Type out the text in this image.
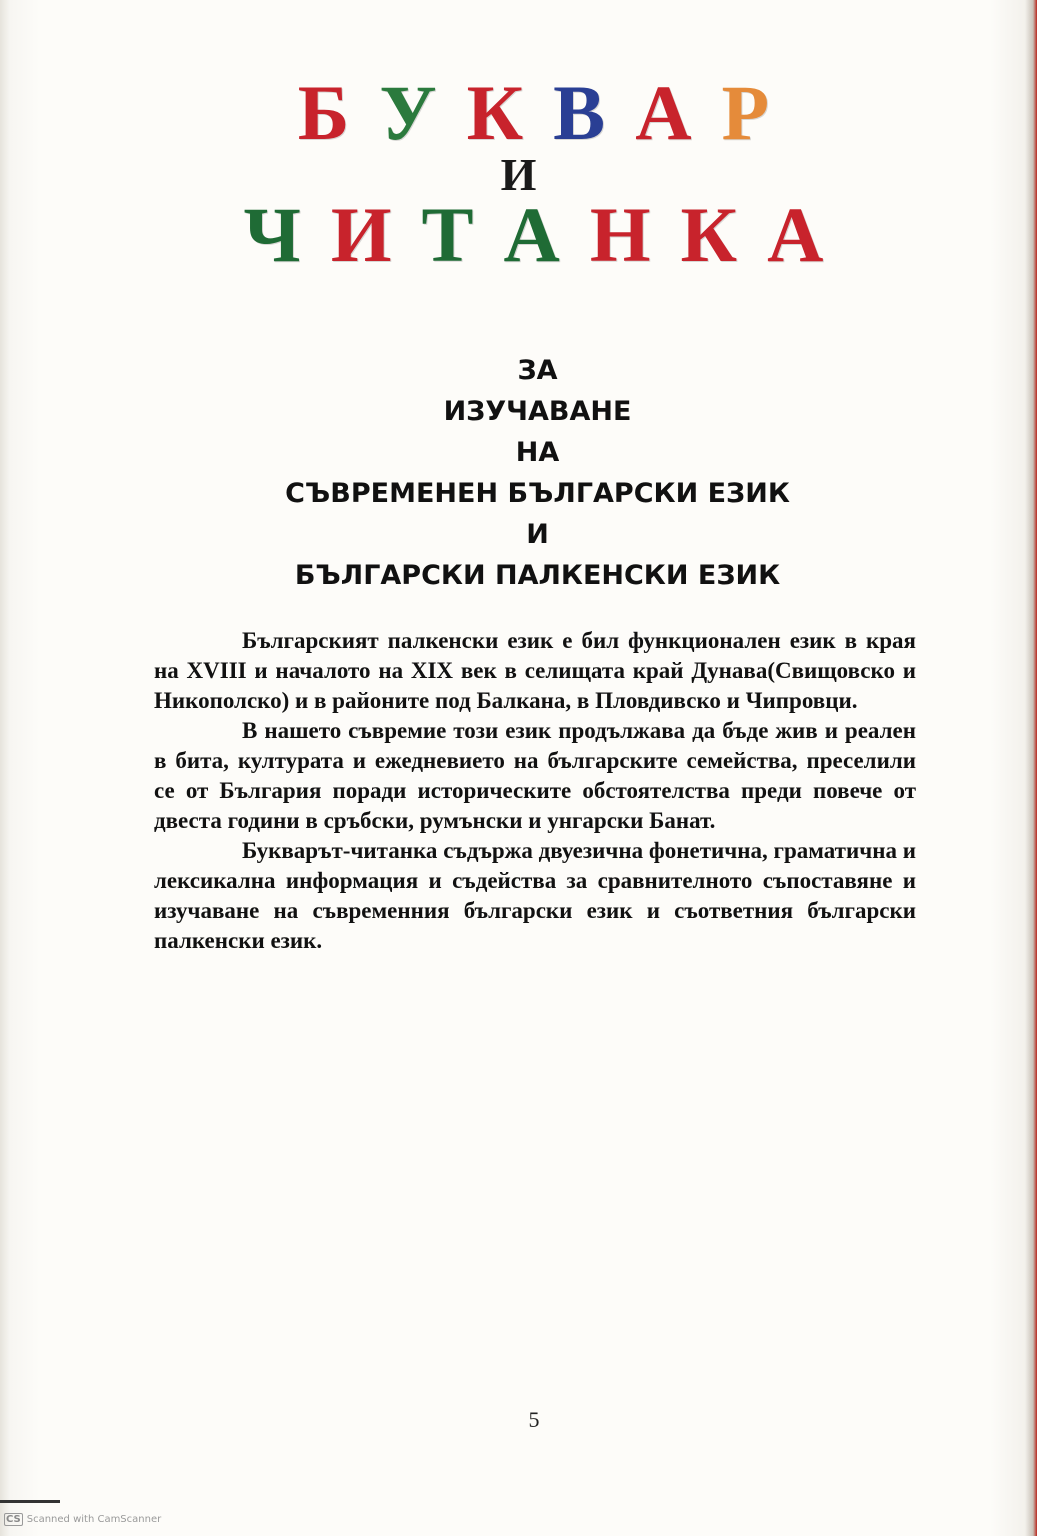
БУКВАР
И
ЧИТАНКА
ЗА
ИЗУЧАВАНЕ
НА
СЪВРЕМЕНЕН БЪЛГАРСКИ ЕЗИК
И
БЪЛГАРСКИ ПАЛКЕНСКИ ЕЗИК

Българският палкенски език е бил функционален език в края на XVIII и началото на XIX век в селищата край Дунава(Свищовско и Никополско) и в районите под Балкана, в Пловдивско и Чипровци.

В нашето съвремие този език продължава да бъде жив и реален в бита, културата и ежедневието на българските семейства, преселили се от България поради историческите обстоятелства преди повече от двеста години в сръбски, румънски и унгарски Банат.

Букварът-читанка съдържа двуезична фонетична, граматична и лексикална информация и съдейства за сравнителното съпоставяне и изучаване на съвременния български език и съответния български палкенски език.

5
CS Scanned with CamScanner
